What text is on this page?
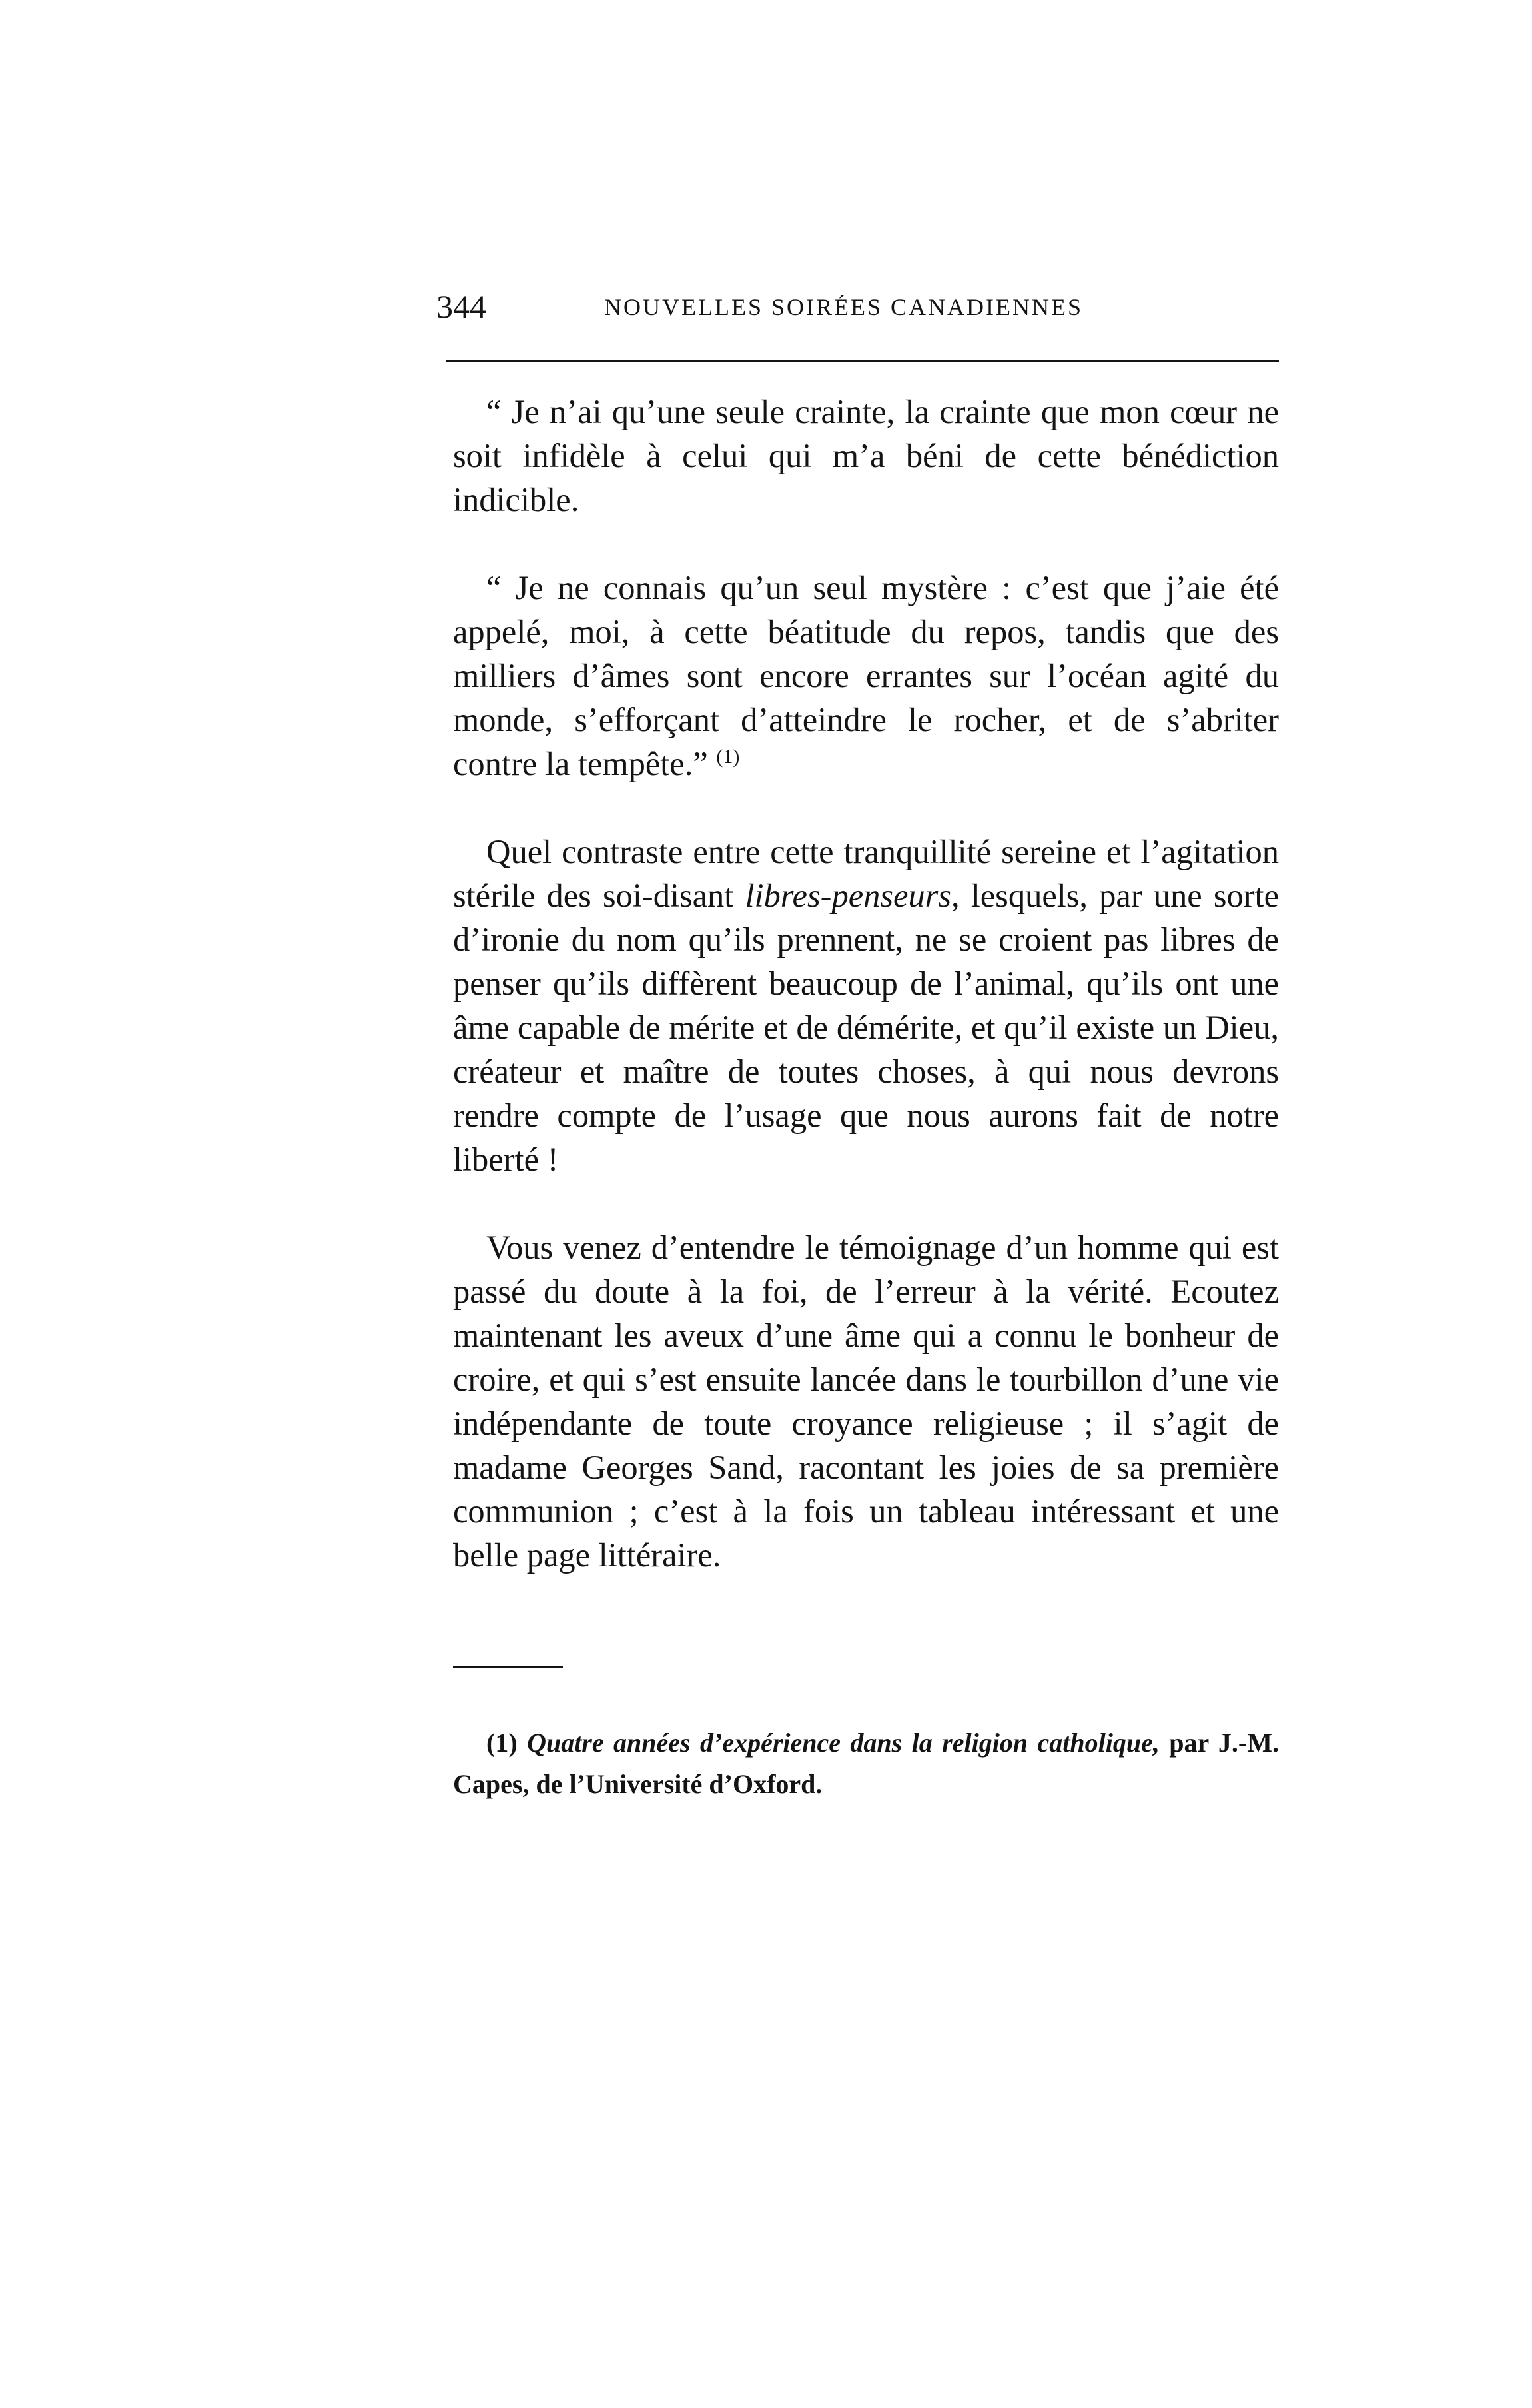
344	NOUVELLES SOIRÉES CANADIENNES

“ Je n’ai qu’une seule crainte, la crainte que mon cœur ne soit infidèle à celui qui m’a béni de cette bénédiction indicible.

“ Je ne connais qu’un seul mystère : c’est que j’aie été appelé, moi, à cette béatitude du repos, tandis que des milliers d’âmes sont encore errantes sur l’océan agité du monde, s’efforçant d’atteindre le rocher, et de s’abriter contre la tempête.” $^{(1)}$

Quel contraste entre cette tranquillité sereine et l’agitation stérile des soi-disant libres-penseurs, lesquels, par une sorte d’ironie du nom qu’ils prennent, ne se croient pas libres de penser qu’ils diffèrent beaucoup de l’animal, qu’ils ont une âme capable de mérite et de démérite, et qu’il existe un Dieu, créateur et maître de toutes choses, à qui nous devrons rendre compte de l’usage que nous aurons fait de notre liberté !

Vous venez d’entendre le témoignage d’un homme qui est passé du doute à la foi, de l’erreur à la vérité. Ecoutez maintenant les aveux d’une âme qui a connu le bonheur de croire, et qui s’est ensuite lancée dans le tourbillon d’une vie indépendante de toute croyance religieuse ; il s’agit de madame Georges Sand, racontant les joies de sa première communion ; c’est à la fois un tableau intéressant et une belle page littéraire.

(1) Quatre années d’expérience dans la religion catholique, par J.-M. Capes, de l’Université d’Oxford.
